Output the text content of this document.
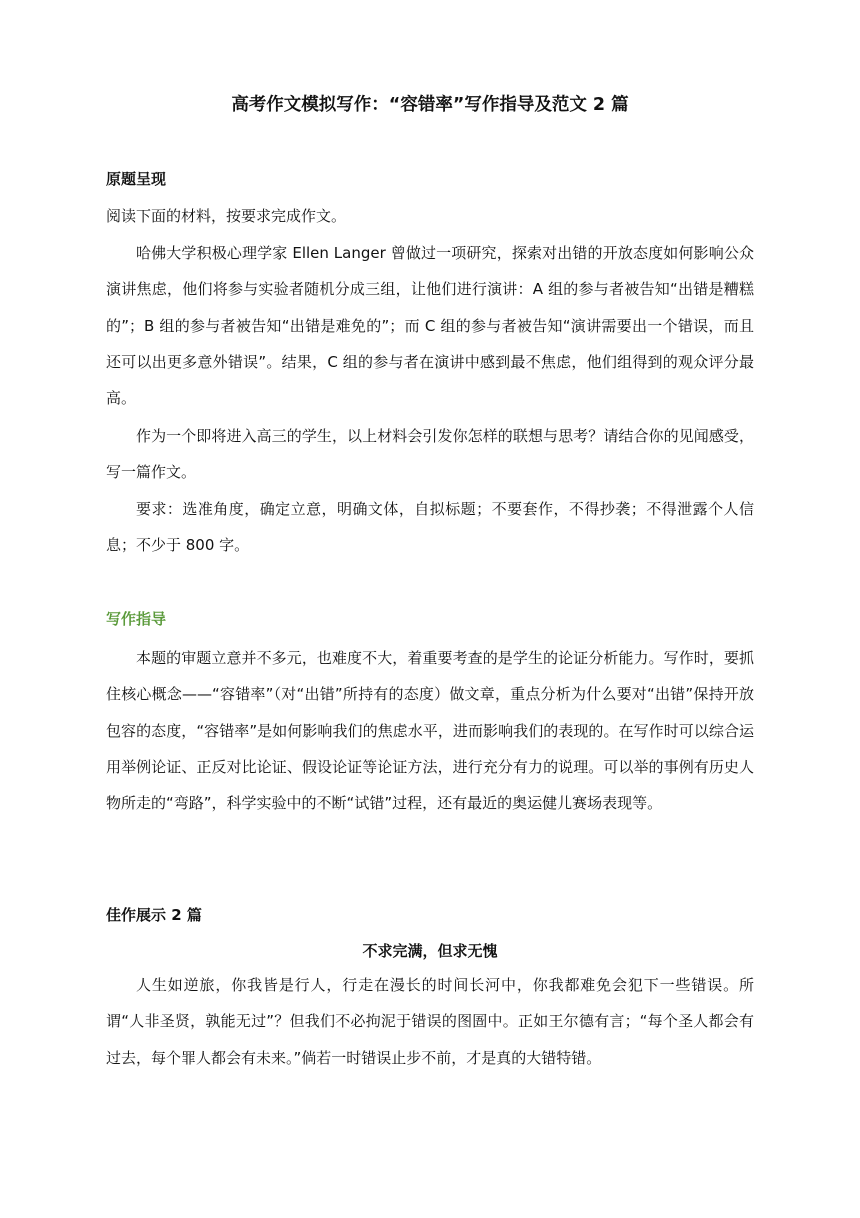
高考作文模拟写作：“容错率”写作指导及范文 2 篇
原题呈现

阅读下面的材料，按要求完成作文。

哈佛大学积极心理学家 Ellen Langer 曾做过一项研究，探索对出错的开放态度如何影响公众演讲焦虑，他们将参与实验者随机分成三组，让他们进行演讲：A 组的参与者被告知“出错是糟糕的”；B 组的参与者被告知“出错是难免的”；而 C 组的参与者被告知“演讲需要出一个错误，而且还可以出更多意外错误”。结果，C 组的参与者在演讲中感到最不焦虑，他们组得到的观众评分最高。

作为一个即将进入高三的学生，以上材料会引发你怎样的联想与思考？请结合你的见闻感受，写一篇作文。

要求：选准角度，确定立意，明确文体，自拟标题；不要套作，不得抄袭；不得泄露个人信息；不少于 800 字。

写作指导

本题的审题立意并不多元，也难度不大，着重要考查的是学生的论证分析能力。写作时，要抓住核心概念——“容错率”（对“出错”所持有的态度）做文章，重点分析为什么要对“出错”保持开放包容的态度，“容错率”是如何影响我们的焦虑水平，进而影响我们的表现的。在写作时可以综合运用举例论证、正反对比论证、假设论证等论证方法，进行充分有力的说理。可以举的事例有历史人物所走的“弯路”，科学实验中的不断“试错”过程，还有最近的奥运健儿赛场表现等。

佳作展示 2 篇
不求完满，但求无愧

人生如逆旅，你我皆是行人，行走在漫长的时间长河中，你我都难免会犯下一些错误。所谓“人非圣贤，孰能无过”？但我们不必拘泥于错误的图圄中。正如王尔德有言；“每个圣人都会有过去，每个罪人都会有未来。”倘若一时错误止步不前，才是真的大错特错。
